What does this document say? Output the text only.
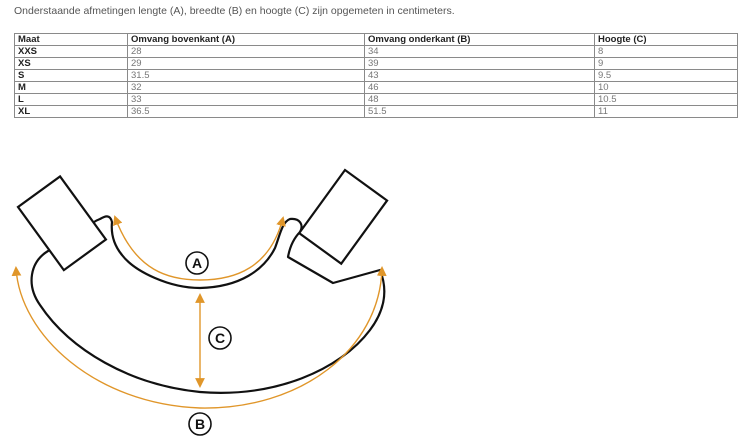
Onderstaande afmetingen lengte (A), breedte (B) en hoogte (C) zijn opgemeten in centimeters.
Maat	Omvang bovenkant (A)	Omvang onderkant (B)	Hoogte (C)
XXS	28	34	8
XS	29	39	9
S	31.5	43	9.5
M	32	46	10
L	33	48	10.5
XL	36.5	51.5	11
A
C
B
